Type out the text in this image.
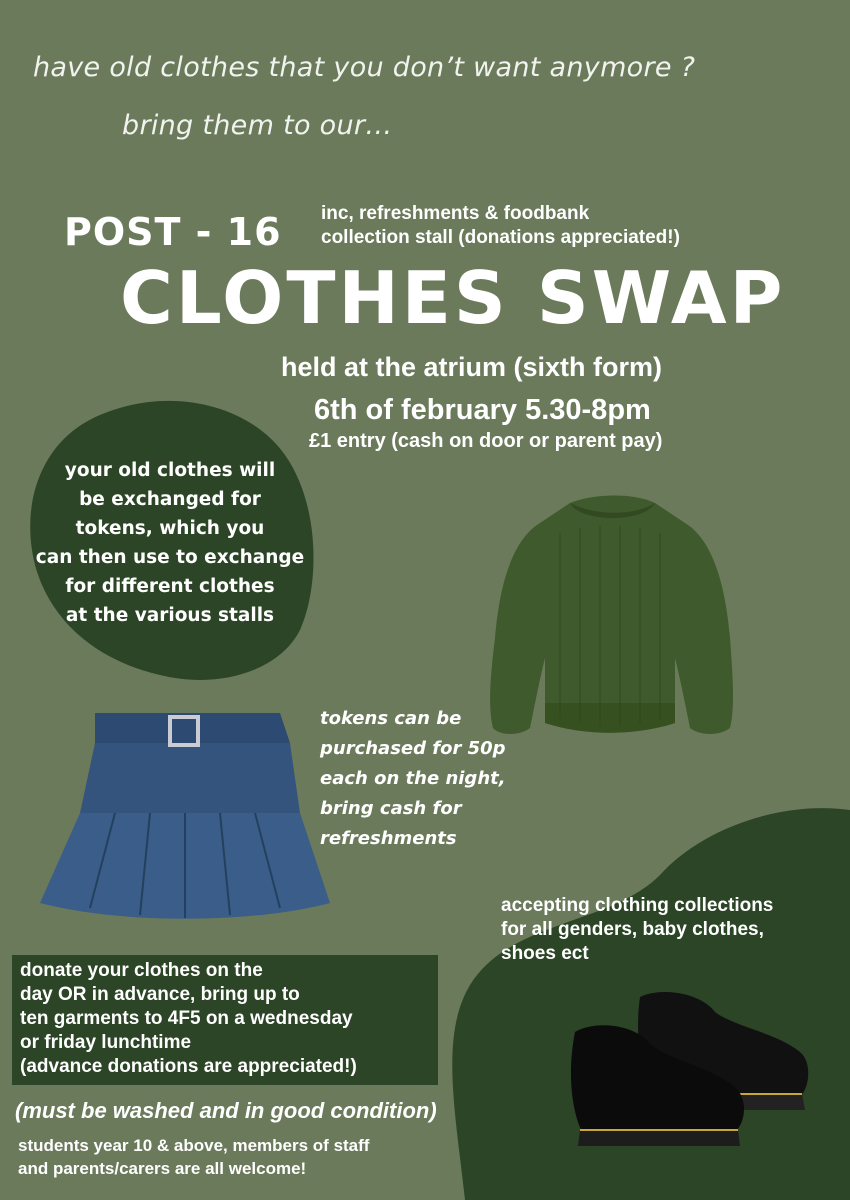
have old clothes that you don’t want anymore ?
bring them to our…
POST - 16 inc, refreshments & foodbank
collection stall (donations appreciated!)
CLOTHES SWAP
held at the atrium (sixth form)
6th of february 5.30-8pm
£1 entry (cash on door or parent pay)
your old clothes will
be exchanged for
tokens, which you
can then use to exchange
for different clothes
at the various stalls
tokens can be
purchased for 50p
each on the night,
bring cash for
refreshments
accepting clothing collections
for all genders, baby clothes,
shoes ect
donate your clothes on the
day OR in advance, bring up to
ten garments to 4F5 on a wednesday
or friday lunchtime
(advance donations are appreciated!)
(must be washed and in good condition)
students year 10 & above, members of staff
and parents/carers are all welcome!
